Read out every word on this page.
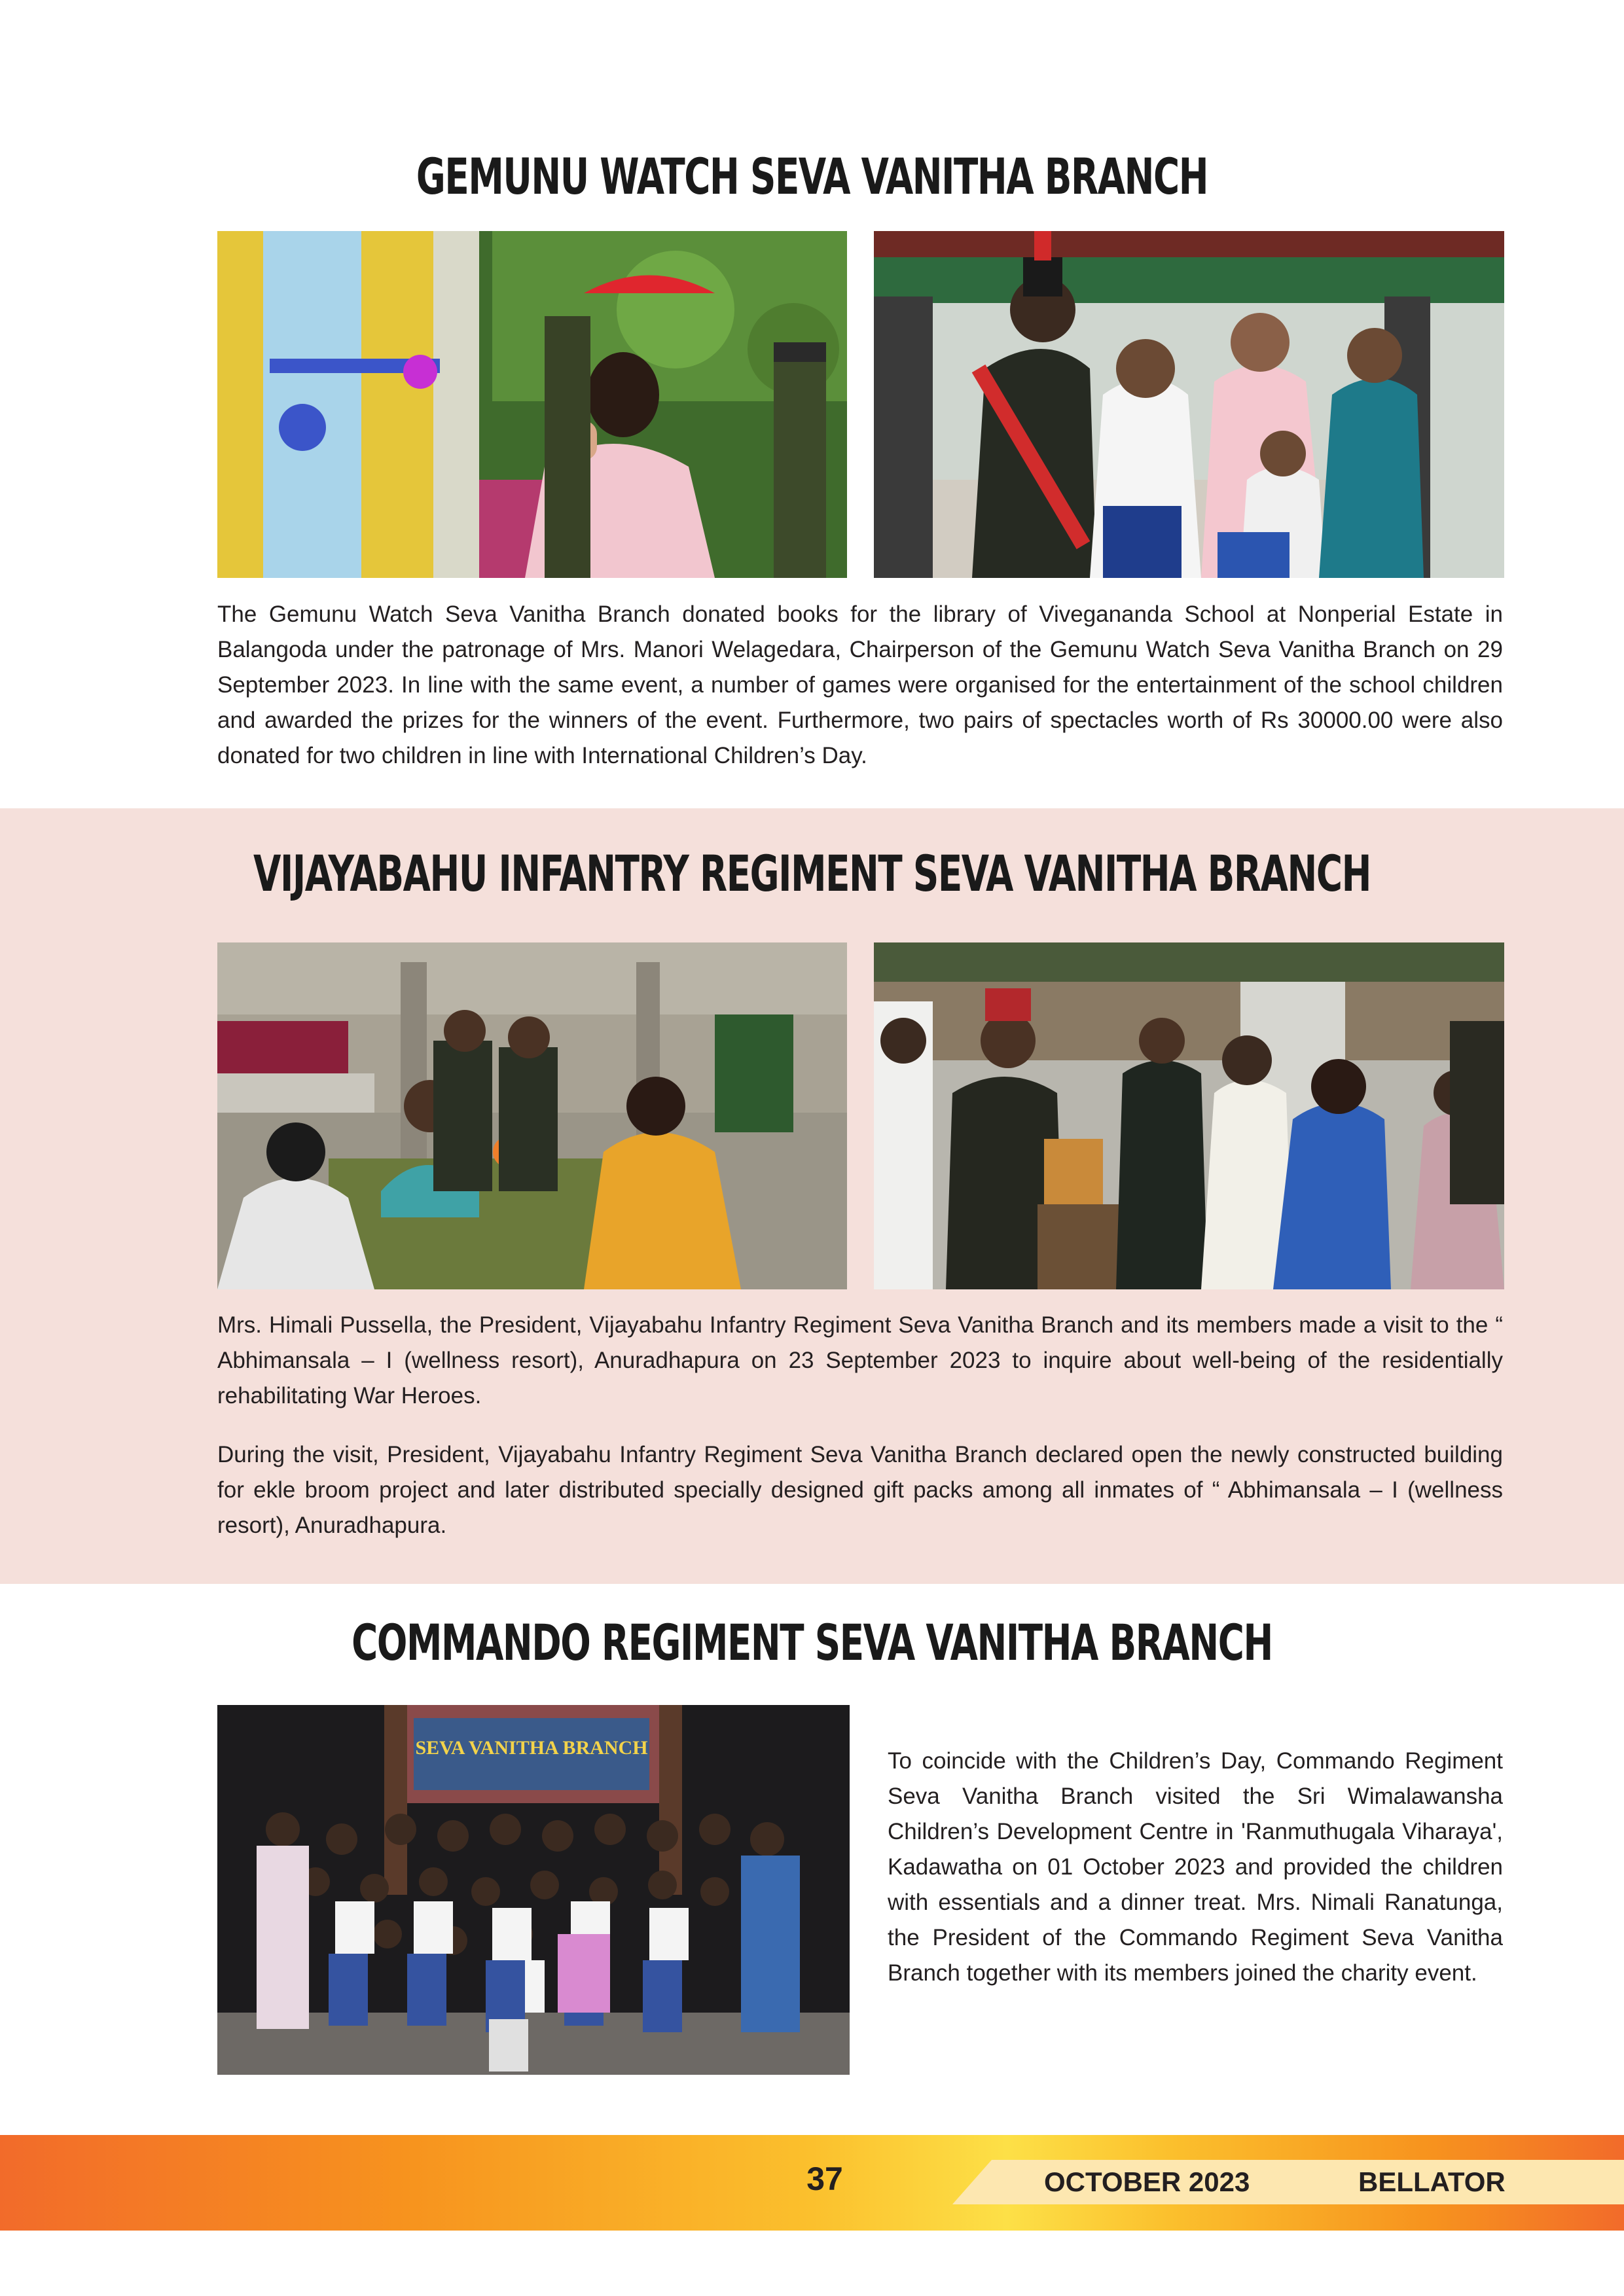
GEMUNU WATCH SEVA VANITHA BRANCH

The Gemunu Watch Seva Vanitha Branch donated books for the library of Vivegananda School at Nonperial Estate in Balangoda under the patronage of Mrs. Manori Welagedara, Chairperson of the Gemunu Watch Seva Vanitha Branch on 29 September 2023. In line with the same event, a number of games were organised for the entertainment of the school children and awarded the prizes for the winners of the event. Furthermore, two pairs of spectacles worth of Rs 30000.00 were also donated for two children in line with International Children’s Day.

VIJAYABAHU INFANTRY REGIMENT SEVA VANITHA BRANCH

Mrs. Himali Pussella, the President, Vijayabahu Infantry Regiment Seva Vanitha Branch and its members made a visit to the “ Abhimansala – I (wellness resort), Anuradhapura on 23 September 2023 to inquire about well-being of the residentially rehabilitating War Heroes.

During the visit, President, Vijayabahu Infantry Regiment Seva Vanitha Branch declared open the newly constructed building for ekle broom project and later distributed specially designed gift packs among all inmates of “ Abhimansala – I (wellness resort), Anuradhapura.

COMMANDO REGIMENT SEVA VANITHA BRANCH
SEVA VANITHA BRANCH

To coincide with the Children’s Day, Commando Regiment Seva Vanitha Branch visited the Sri Wimalawansha Children’s Development Centre in 'Ranmuthugala Viharaya', Kadawatha on 01 October 2023 and provided the children with essentials and a dinner treat. Mrs. Nimali Ranatunga, the President of the Commando Regiment Seva Vanitha Branch together with its members joined the charity event.

37	OCTOBER 2023	BELLATOR
